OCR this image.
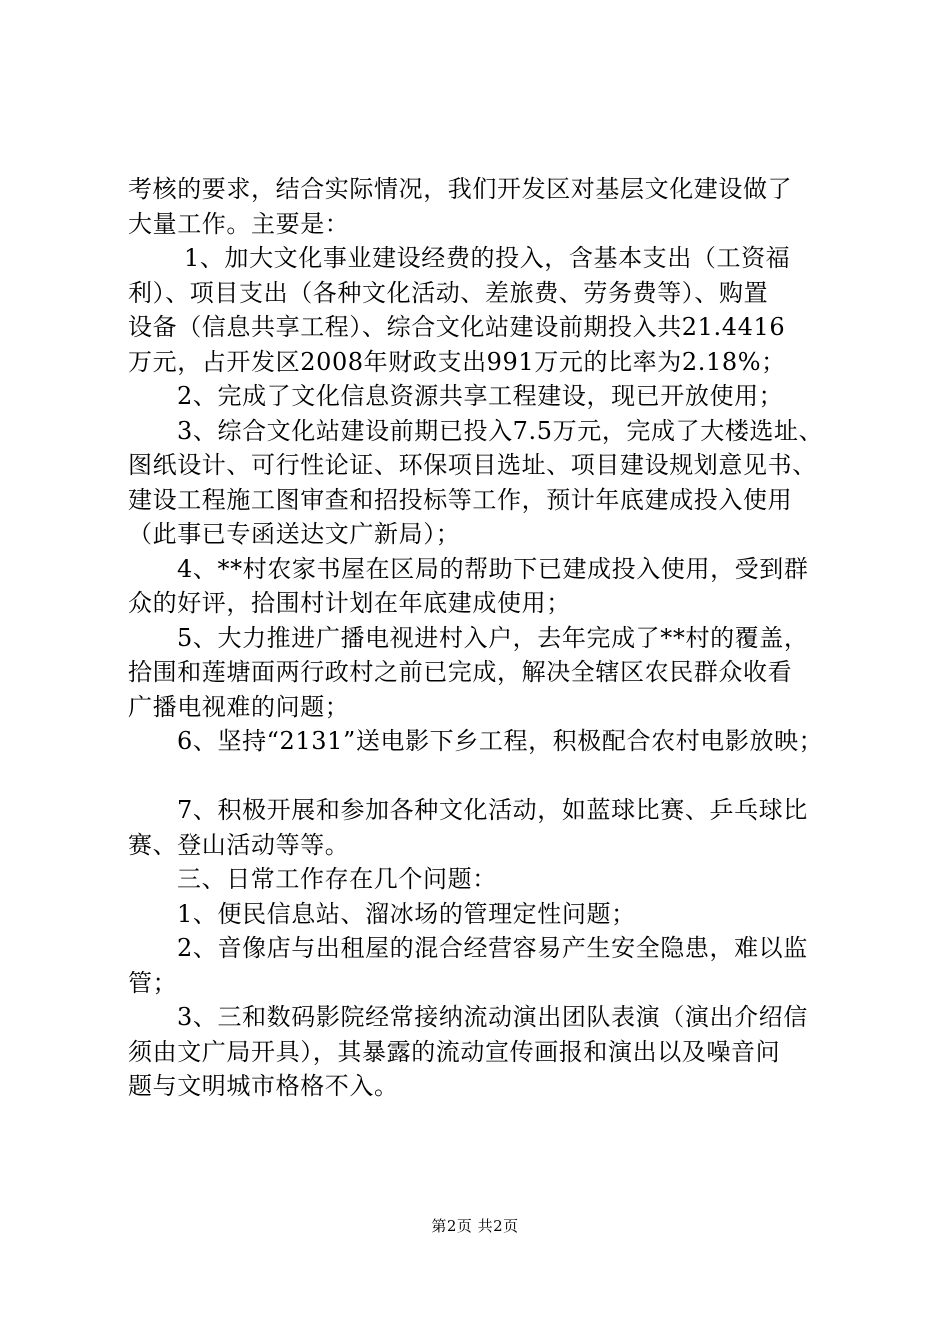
考核的要求，结合实际情况，我们开发区对基层文化建设做了
大量工作。主要是：
1、加大文化事业建设经费的投入，含基本支出（工资福
利）、项目支出（各种文化活动、差旅费、劳务费等）、购置
设备（信息共享工程）、综合文化站建设前期投入共21.4416
万元，占开发区2008年财政支出991万元的比率为2.18%；
2、完成了文化信息资源共享工程建设，现已开放使用；
3、综合文化站建设前期已投入7.5万元，完成了大楼选址、
图纸设计、可行性论证、环保项目选址、项目建设规划意见书、
建设工程施工图审查和招投标等工作，预计年底建成投入使用
（此事已专函送达文广新局）；
4、**村农家书屋在区局的帮助下已建成投入使用，受到群
众的好评，拾围村计划在年底建成使用；
5、大力推进广播电视进村入户，去年完成了**村的覆盖，
拾围和莲塘面两行政村之前已完成，解决全辖区农民群众收看
广播电视难的问题；
6、坚持“2131”送电影下乡工程，积极配合农村电影放映；
7、积极开展和参加各种文化活动，如蓝球比赛、乒乓球比
赛、登山活动等等。
三、日常工作存在几个问题：
1、便民信息站、溜冰场的管理定性问题；
2、音像店与出租屋的混合经营容易产生安全隐患，难以监
管；
3、三和数码影院经常接纳流动演出团队表演（演出介绍信
须由文广局开具），其暴露的流动宣传画报和演出以及噪音问
题与文明城市格格不入。
第2页 共2页
